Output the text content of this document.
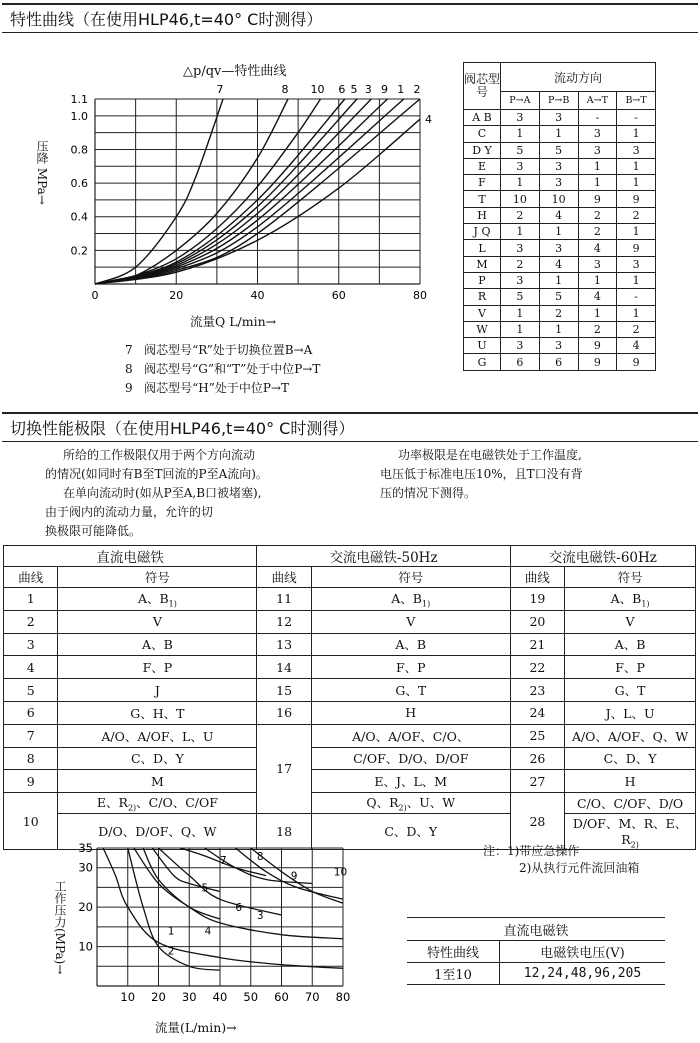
特性曲线（在使用HLP46,t=40° C时测得）
0	20	40	60	80
0.2
0.4
0.6
0.8
1.0
1.1
7	8 10 6 5 3 9 1 2
4
△p/qv—特性曲线
压降 MPa→
流量Q L/min→
7 阀芯型号“R”处于切换位置B→A
8 阀芯型号“G”和“T”处于中位P→T
9 阀芯型号“H”处于中位P→T
阀芯型号	流动方向			
	P→A	P→B	A→T	B→T
A B	3	3	-	-
C	1	1	3	1
D Y	5	5	3	3
E	3	3	1	1
F	1	3	1	1
T	10	10	9	9
H	2	4	2	2
J Q	1	1	2	1
L	3	3	4	9
M	2	4	3	3
P	3	1	1	1
R	5	5	4	-
V	1	2	1	1
W	1	1	2	2
U	3	3	9	4
G	6	6	9	9
切换性能极限（在使用HLP46,t=40° C时测得）
所给的工作极限仅用于两个方向流动
的情况(如同时有B至T回流的P至A流向)。
在单向流动时(如从P至A,B口被堵塞),
由于阀内的流动力量，允许的切
换极限可能降低。
功率极限是在电磁铁处于工作温度,
电压低于标准电压10%，且T口没有背
压的情况下测得。
直流电磁铁		交流电磁铁-50Hz		交流电磁铁-60Hz	
曲线	符号	曲线	符号	曲线	符号
1	A、$B_{1)}$	11	A、$B_{1)}$	19	A、$B_{1)}$
2	V	12	V	20	V
3	A、B	13	A、B	21	A、B
4	F、P	14	F、P	22	F、P
5	J	15	G、T	23	G、T
6	G、H、T	16	H	24	J、L、U
7	A/O、A/OF、L、U	17	A/O、A/OF、C/O、	25	A/O、A/OF、Q、W
8	C、D、Y		C/OF、D/O、D/OF	26	C、D、Y
9	M		E、J、L、M	27	H
10	E、$R_{2)}$、C/O、C/OF		Q、$R_{2)}$、U、W	28	C/O、C/OF、D/O
	D/O、D/OF、Q、W	18	C、D、Y		D/OF、M、R、E、$R_{2)}$
10 20 30 40 50 60 70 80
10
20
30
35
1
2
3
4
5
6
7	8
9	10
工作压力(MPa)→
流量(L/min)→
注：1)带应急操作
2)从执行元件流回油箱
直流电磁铁	
特性曲线	电磁铁电压(V)
1至10	12,24,48,96,205
